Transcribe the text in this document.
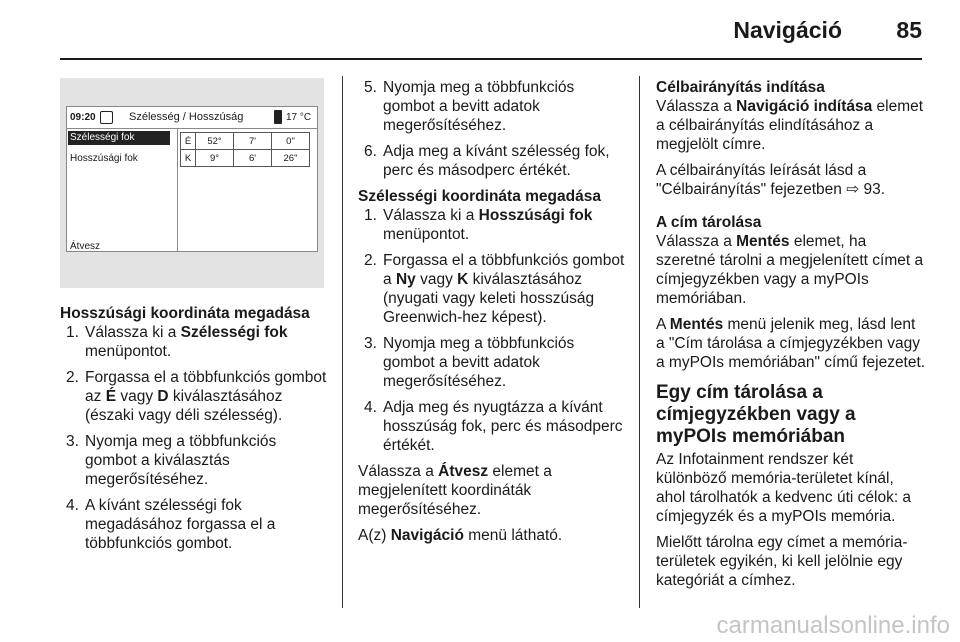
Navigáció 85
09:20	Szélesség / Hosszúság	17 °C
Szélességi fok
Hosszúsági fok
Átvesz
É	52°	7'	0"
K	9°	6'	26"

Hosszúsági koordináta megadása

1. Válassza ki a Szélességi fok menüpontot.
2. Forgassa el a többfunkciós gombot az É vagy D kiválasztásához (északi vagy déli szélesség).
3. Nyomja meg a többfunkciós gombot a kiválasztás megerősítéséhez.
4. A kívánt szélességi fok megadásához forgassa el a többfunkciós gombot.
5. Nyomja meg a többfunkciós gombot a bevitt adatok megerősítéséhez.
6. Adja meg a kívánt szélesség fok, perc és másodperc értékét.

Szélességi koordináta megadása

1. Válassza ki a Hosszúsági fok menüpontot.
2. Forgassa el a többfunkciós gombot a Ny vagy K kiválasztásához (nyugati vagy keleti hosszúság Greenwich-hez képest).
3. Nyomja meg a többfunkciós gombot a bevitt adatok megerősítéséhez.
4. Adja meg és nyugtázza a kívánt hosszúság fok, perc és másodperc értékét.

Válassza a Átvesz elemet a megjelenített koordináták megerősítéséhez.

A(z) Navigáció menü látható.

Célbairányítás indítása

Válassza a Navigáció indítása elemet a célbairányítás elindításához a megjelölt címre.

A célbairányítás leírását lásd a "Célbairányítás" fejezetben ⇨ 93.

A cím tárolása

Válassza a Mentés elemet, ha szeretné tárolni a megjelenített címet a címjegyzékben vagy a myPOIs memóriában.

A Mentés menü jelenik meg, lásd lent a "Cím tárolása a címjegyzékben vagy a myPOIs memóriában" című fejezetet.

Egy cím tárolása a címjegyzékben vagy a myPOIs memóriában

Az Infotainment rendszer két különböző memória-területet kínál, ahol tárolhatók a kedvenc úti célok: a címjegyzék és a myPOIs memória.

Mielőtt tárolna egy címet a memória-területek egyikén, ki kell jelölnie egy kategóriát a címhez.

carmanualsonline.info
